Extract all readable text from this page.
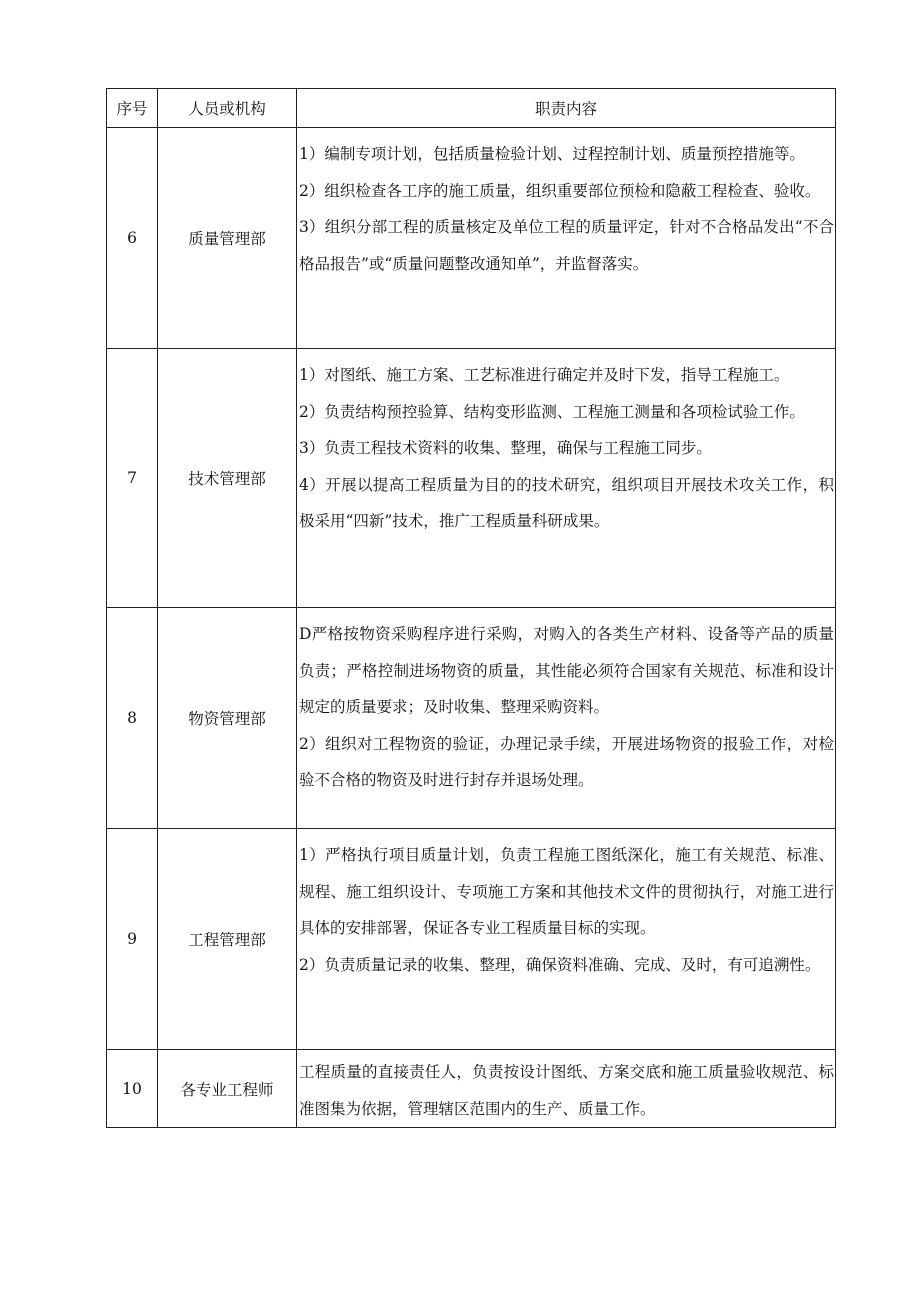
序号	人员或机构	职责内容
6	质量管理部	1）编制专项计划，包括质量检验计划、过程控制计划、质量预控措施等。
2）组织检查各工序的施工质量，组织重要部位预检和隐蔽工程检查、验收。
3）组织分部工程的质量核定及单位工程的质量评定，针对不合格品发出“不合格品报告”或“质量问题整改通知单”，并监督落实。

7	技术管理部	1）对图纸、施工方案、工艺标准进行确定并及时下发，指导工程施工。
2）负责结构预控验算、结构变形监测、工程施工测量和各项检试验工作。
3）负责工程技术资料的收集、整理，确保与工程施工同步。
4）开展以提高工程质量为目的的技术研究，组织项目开展技术攻关工作，积极采用“四新”技术，推广工程质量科研成果。

8	物资管理部	D严格按物资采购程序进行采购，对购入的各类生产材料、设备等产品的质量负责；严格控制进场物资的质量，其性能必须符合国家有关规范、标准和设计规定的质量要求；及时收集、整理采购资料。
2）组织对工程物资的验证，办理记录手续，开展进场物资的报验工作，对检验不合格的物资及时进行封存并退场处理。

9	工程管理部	1）严格执行项目质量计划，负责工程施工图纸深化，施工有关规范、标准、规程、施工组织设计、专项施工方案和其他技术文件的贯彻执行，对施工进行具体的安排部署，保证各专业工程质量目标的实现。
2）负责质量记录的收集、整理，确保资料准确、完成、及时，有可追溯性。

10	各专业工程师	工程质量的直接责任人，负责按设计图纸、方案交底和施工质量验收规范、标准图集为依据，管理辖区范围内的生产、质量工作。
